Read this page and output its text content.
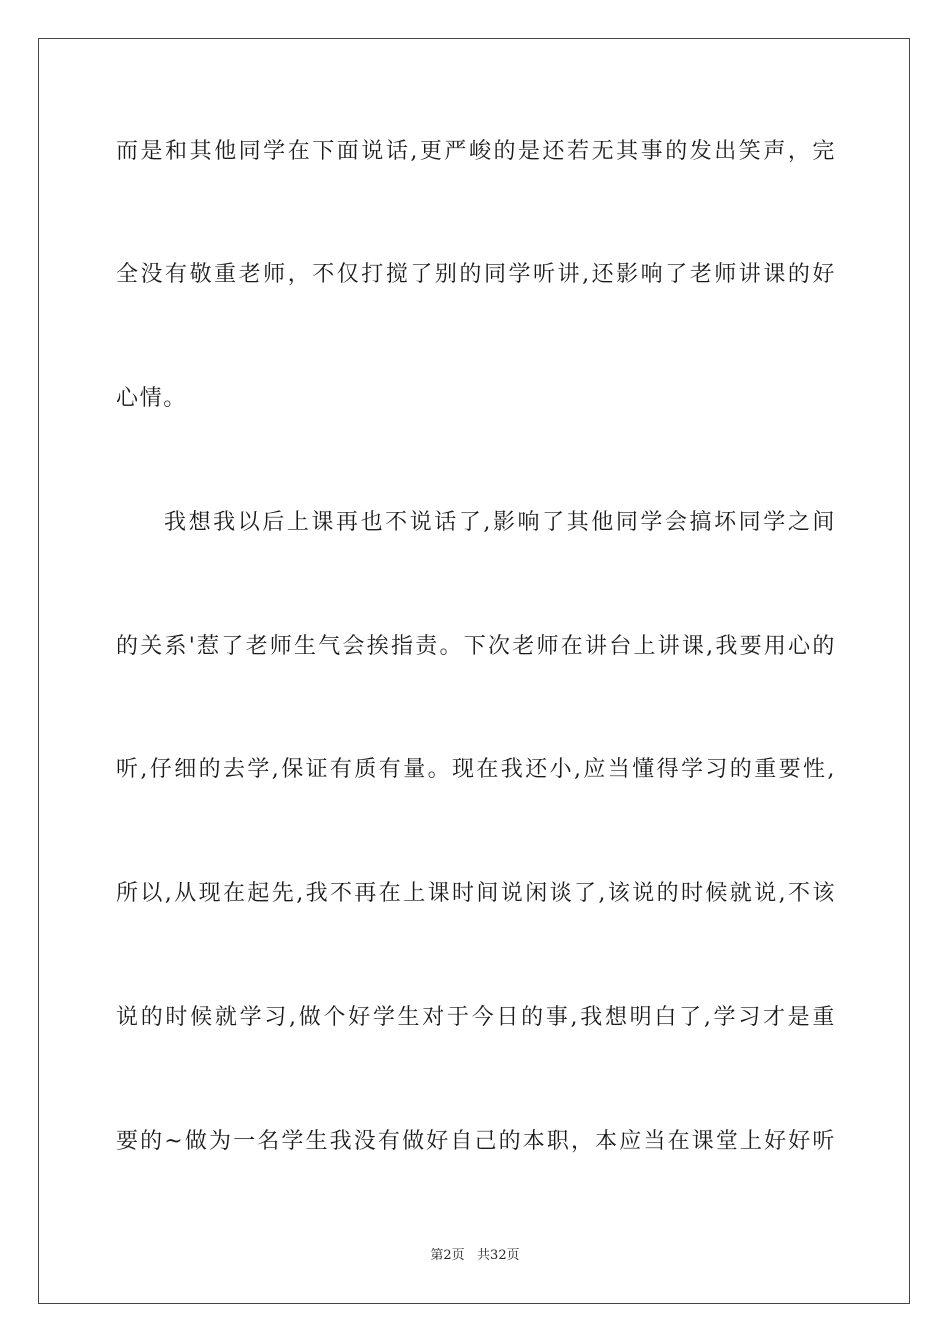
而是和其他同学在下面说话,更严峻的是还若无其事的发出笑声，完
全没有敬重老师，不仅打搅了别的同学听讲,还影响了老师讲课的好
心情。
我想我以后上课再也不说话了,影响了其他同学会搞坏同学之间
的关系'惹了老师生气会挨指责。下次老师在讲台上讲课,我要用心的
听,仔细的去学,保证有质有量。现在我还小,应当懂得学习的重要性,
所以,从现在起先,我不再在上课时间说闲谈了,该说的时候就说,不该
说的时候就学习,做个好学生对于今日的事,我想明白了,学习才是重
要的~做为一名学生我没有做好自己的本职，本应当在课堂上好好听
第2页   共32页
